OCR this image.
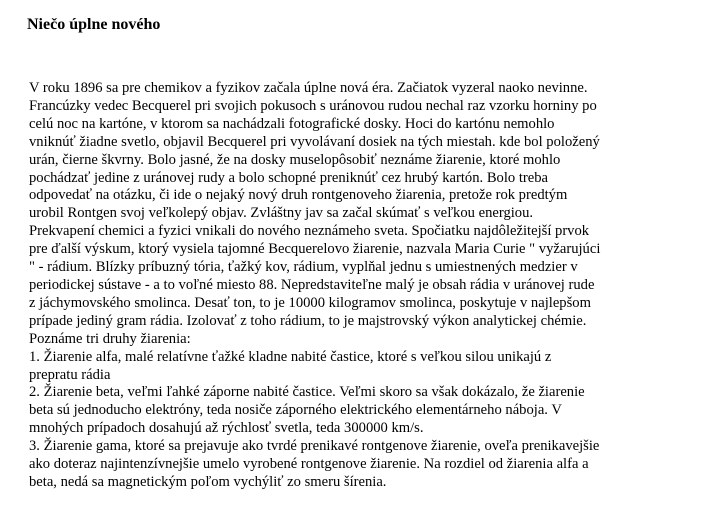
Niečo úplne nového
V roku 1896 sa pre chemikov a fyzikov začala úplne nová éra. Začiatok vyzeral naoko nevinne.
Francúzky vedec Becquerel pri svojich pokusoch s uránovou rudou nechal raz vzorku horniny po
celú noc na kartóne, v ktorom sa nachádzali fotografické dosky. Hoci do kartónu nemohlo
vniknúť žiadne svetlo, objavil Becquerel pri vyvolávaní dosiek na tých miestah. kde bol položený
urán, čierne škvrny. Bolo jasné, že na dosky muselopôsobiť neznáme žiarenie, ktoré mohlo
pochádzať jedine z uránovej rudy a bolo schopné preniknúť cez hrubý kartón. Bolo treba
odpovedať na otázku, či ide o nejaký nový druh rontgenoveho žiarenia, pretože rok predtým
urobil Rontgen svoj veľkolepý objav. Zvláštny jav sa začal skúmať s veľkou energiou.
Prekvapení chemici a fyzici vnikali do nového neznámeho sveta. Spočiatku najdôležitejší prvok
pre ďalší výskum, ktorý vysiela tajomné Becquerelovo žiarenie, nazvala Maria Curie " vyžarujúci
" - rádium. Blízky príbuzný tória, ťažký kov, rádium, vyplňal jednu s umiestnených medzier v
periodickej sústave - a to voľné miesto 88. Nepredstaviteľne malý je obsah rádia v uránovej rude
z jáchymovského smolinca. Desať ton, to je 10000 kilogramov smolinca, poskytuje v najlepšom
prípade jediný gram rádia. Izolovať z toho rádium, to je majstrovský výkon analytickej chémie.
Poznáme tri druhy žiarenia:
1. Žiarenie alfa, malé relatívne ťažké kladne nabité častice, ktoré s veľkou silou unikajú z
prepratu rádia
2. Žiarenie beta, veľmi ľahké záporne nabité častice. Veľmi skoro sa však dokázalo, že žiarenie
beta sú jednoducho elektróny, teda nosiče záporného elektrického elementárneho náboja. V
mnohých prípadoch dosahujú až rýchlosť svetla, teda 300000 km/s.
3. Žiarenie gama, ktoré sa prejavuje ako tvrdé prenikavé rontgenove žiarenie, oveľa prenikavejšie
ako doteraz najintenzívnejšie umelo vyrobené rontgenove žiarenie. Na rozdiel od žiarenia alfa a
beta, nedá sa magnetickým poľom vychýliť zo smeru šírenia.
